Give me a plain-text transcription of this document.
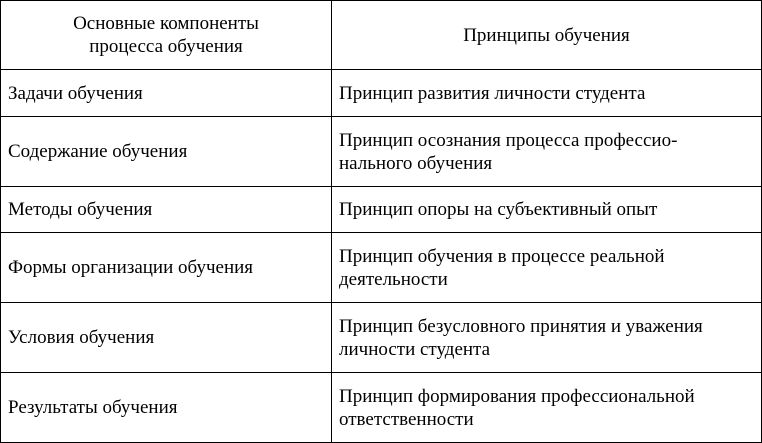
Основные компоненты
процесса обучения	Принципы обучения
Задачи обучения	Принцип развития личности студента
Содержание обучения	Принцип осознания процесса профессио-
нального обучения
Методы обучения	Принцип опоры на субъективный опыт
Формы организации обучения	Принцип обучения в процессе реальной
деятельности
Условия обучения	Принцип безусловного принятия и уважения
личности студента
Результаты обучения	Принцип формирования профессиональной
ответственности
